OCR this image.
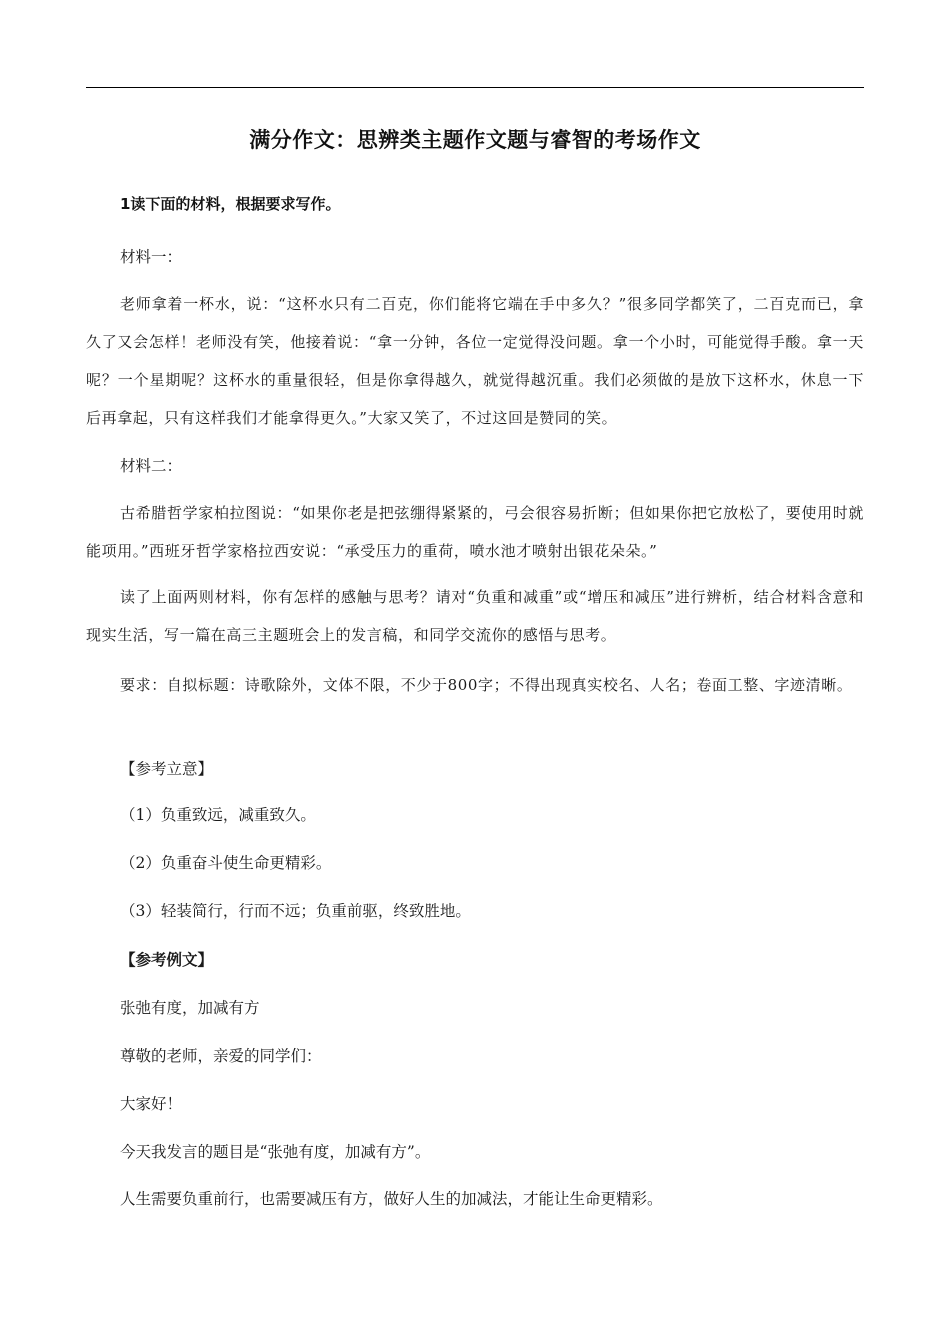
满分作文：思辨类主题作文题与睿智的考场作文
1读下面的材料，根据要求写作。
材料一：
老师拿着一杯水，说：“这杯水只有二百克，你们能将它端在手中多久？”很多同学都笑了，二百克而已，拿久了又会怎样！老师没有笑，他接着说：“拿一分钟，各位一定觉得没问题。拿一个小时，可能觉得手酸。拿一天呢？一个星期呢？这杯水的重量很轻，但是你拿得越久，就觉得越沉重。我们必须做的是放下这杯水，休息一下后再拿起，只有这样我们才能拿得更久。”大家又笑了，不过这回是赞同的笑。
材料二：
古希腊哲学家柏拉图说：“如果你老是把弦绷得紧紧的，弓会很容易折断；但如果你把它放松了，要使用时就能项用。”西班牙哲学家格拉西安说：“承受压力的重荷，喷水池才喷射出银花朵朵。”
读了上面两则材料，你有怎样的感触与思考？请对“负重和减重”或“增压和减压”进行辨析，结合材料含意和现实生活，写一篇在高三主题班会上的发言稿，和同学交流你的感悟与思考。
要求：自拟标题：诗歌除外，文体不限，不少于800字；不得出现真实校名、人名；卷面工整、字迹清晰。
【参考立意】
（1）负重致远，减重致久。
（2）负重奋斗使生命更精彩。
（3）轻装简行，行而不远；负重前驱，终致胜地。
【参考例文】
张弛有度，加减有方
尊敬的老师，亲爱的同学们：
大家好！
今天我发言的题目是“张弛有度，加减有方”。
人生需要负重前行，也需要减压有方，做好人生的加减法，才能让生命更精彩。
